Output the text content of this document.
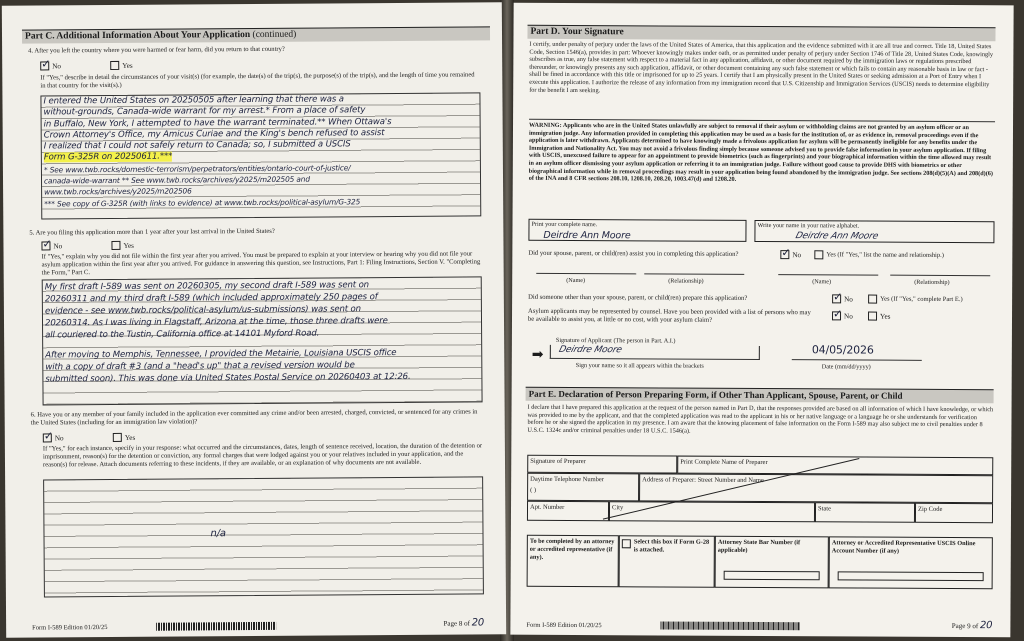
Part C. Additional Information About Your Application (continued)
4. After you left the country where you were harmed or fear harm, did you return to that country?
✓
No	Yes
If "Yes," describe in detail the circumstances of your visit(s) (for example, the date(s) of the trip(s), the purpose(s) of the trip(s), and the length of time you remained in that country for the visit(s).)
I entered the United States on 20250505 after learning that there was a
without-grounds, Canada-wide warrant for my arrest.* From a place of safety
in Buffalo, New York, I attempted to have the warrant terminated.** When Ottawa's
Crown Attorney's Office, my Amicus Curiae and the King's bench refused to assist
I realized that I could not safely return to Canada; so, I submitted a USCIS
Form G-325R on 20250611.***
* See www.twb.rocks/domestic-terrorism/perpetrators/entities/ontario-court-of-justice/
canada-wide-warrant ** See www.twb.rocks/archives/y2025/m202505 and
www.twb.rocks/archives/y2025/m202506
*** See copy of G-325R (with links to evidence) at www.twb.rocks/political-asylum/G-325
5. Are you filing this application more than 1 year after your last arrival in the United States?
✓
No	Yes
If "Yes," explain why you did not file within the first year after you arrived. You must be prepared to explain at your interview or hearing why you did not file your asylum application within the first year after you arrived. For guidance in answering this question, see Instructions, Part 1: Filing Instructions, Section V. "Completing the Form," Part C.
My first draft I-589 was sent on 20260305, my second draft I-589 was sent on
20260311 and my third draft I-589 (which included approximately 250 pages of
evidence - see www.twb.rocks/political-asylum/us-submissions) was sent on
20260314. As I was living in Flagstaff, Arizona at the time, those three drafts were
all couriered to the Tustin, California office at 14101 Myford Road.
After moving to Memphis, Tennessee, I provided the Metairie, Louisiana USCIS office
with a copy of draft #3 (and a "head's up" that a revised version would be
submitted soon). This was done via United States Postal Service on 20260403 at 12:26.
6. Have you or any member of your family included in the application ever committed any crime and/or been arrested, charged, convicted, or sentenced for any crimes in the United States (including for an immigration law violation)?
✓
No	Yes
If "Yes," for each instance, specify in your response: what occurred and the circumstances, dates, length of sentence received, location, the duration of the detention or imprisonment, reason(s) for the detention or conviction, any formal charges that were lodged against you or your relatives included in your application, and the reason(s) for release. Attach documents referring to these incidents, if they are available, or an explanation of why documents are not available.
n/a
Form I-589 Edition 01/20/25
Page 8 of 20
Part D. Your Signature
I certify, under penalty of perjury under the laws of the United States of America, that this application and the evidence submitted with it are all true and correct. Title 18, United States Code, Section 1546(a), provides in part: Whoever knowingly makes under oath, or as permitted under penalty of perjury under Section 1746 of Title 28, United States Code, knowingly subscribes as true, any false statement with respect to a material fact in any application, affidavit, or other document required by the immigration laws or regulations prescribed thereunder, or knowingly presents any such application, affidavit, or other document containing any such false statement or which fails to contain any reasonable basis in law or fact - shall be fined in accordance with this title or imprisoned for up to 25 years. I certify that I am physically present in the United States or seeking admission at a Port of Entry when I execute this application. I authorize the release of any information from my immigration record that U.S. Citizenship and Immigration Services (USCIS) needs to determine eligibility for the benefit I am seeking.
WARNING: Applicants who are in the United States unlawfully are subject to removal if their asylum or withholding claims are not granted by an asylum officer or an immigration judge. Any information provided in completing this application may be used as a basis for the institution of, or as evidence in, removal proceedings even if the application is later withdrawn. Applicants determined to have knowingly made a frivolous application for asylum will be permanently ineligible for any benefits under the Immigration and Nationality Act. You may not avoid a frivolous finding simply because someone advised you to provide false information in your asylum application. If filing with USCIS, unexcused failure to appear for an appointment to provide biometrics (such as fingerprints) and your biographical information within the time allowed may result in an asylum officer dismissing your asylum application or referring it to an immigration judge. Failure without good cause to provide DHS with biometrics or other biographical information while in removal proceedings may result in your application being found abandoned by the immigration judge. See sections 208(d)(5)(A) and 208(d)(6) of the INA and 8 CFR sections 208.10, 1208.10, 208.20, 1003.47(d) and 1208.20.
Print your complete name.
Deirdre Ann Moore
Write your name in your native alphabet.
Deirdre Ann Moore
Did your spouse, parent, or child(ren) assist you in completing this application? ✓	No	Yes (If "Yes," list the name and relationship.)
(Name)	(Relationship)	(Name)	(Relationship)
Did someone other than your spouse, parent, or child(ren) prepare this application? ✓	No	Yes (If "Yes," complete Part E.)
Asylum applicants may be represented by counsel. Have you been provided with a list of persons who may be available to assist you, at little or no cost, with your asylum claim? ✓	No	Yes
Signature of Applicant (The person in Part. A.I.)
➡ Deirdre Moore
Sign your name so it all appears within the brackets
04/05/2026
Date (mm/dd/yyyy)
Part E. Declaration of Person Preparing Form, if Other Than Applicant, Spouse, Parent, or Child
I declare that I have prepared this application at the request of the person named in Part D, that the responses provided are based on all information of which I have knowledge, or which was provided to me by the applicant, and that the completed application was read to the applicant in his or her native language or a language he or she understands for verification before he or she signed the application in my presence. I am aware that the knowing placement of false information on the Form I-589 may also subject me to civil penalties under 8 U.S.C. 1324c and/or criminal penalties under 18 U.S.C. 1546(a).
Signature of Preparer	Print Complete Name of Preparer
Daytime Telephone Number
( )
Address of Preparer: Street Number and Name
Apt. Number	City	State	Zip Code
To be completed by an attorney or accredited representative (if any).
Select this box if Form G-28 is attached.
Attorney State Bar Number (if applicable)
Attorney or Accredited Representative USCIS Online Account Number (if any)
Form I-589 Edition 01/20/25	Page 9 of 20
